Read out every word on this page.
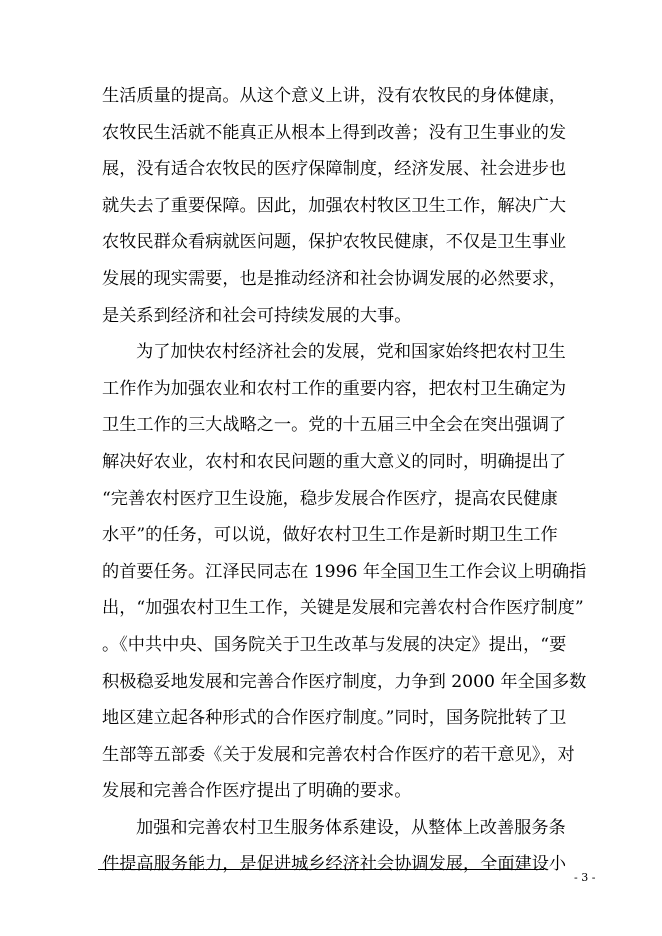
生活质量的提高。从这个意义上讲，没有农牧民的身体健康，
农牧民生活就不能真正从根本上得到改善；没有卫生事业的发
展，没有适合农牧民的医疗保障制度，经济发展、社会进步也
就失去了重要保障。因此，加强农村牧区卫生工作，解决广大
农牧民群众看病就医问题，保护农牧民健康，不仅是卫生事业
发展的现实需要，也是推动经济和社会协调发展的必然要求，
是关系到经济和社会可持续发展的大事。
为了加快农村经济社会的发展，党和国家始终把农村卫生
工作作为加强农业和农村工作的重要内容，把农村卫生确定为
卫生工作的三大战略之一。党的十五届三中全会在突出强调了
解决好农业，农村和农民问题的重大意义的同时，明确提出了
“完善农村医疗卫生设施，稳步发展合作医疗，提高农民健康
水平”的任务，可以说，做好农村卫生工作是新时期卫生工作
的首要任务。江泽民同志在 1996 年全国卫生工作会议上明确指
出，“加强农村卫生工作，关键是发展和完善农村合作医疗制度”
。《中共中央、国务院关于卫生改革与发展的决定》提出，“要
积极稳妥地发展和完善合作医疗制度，力争到 2000 年全国多数
地区建立起各种形式的合作医疗制度。”同时，国务院批转了卫
生部等五部委《关于发展和完善农村合作医疗的若干意见》，对
发展和完善合作医疗提出了明确的要求。
加强和完善农村卫生服务体系建设，从整体上改善服务条
件提高服务能力，是促进城乡经济社会协调发展，全面建设小
- 3 -
